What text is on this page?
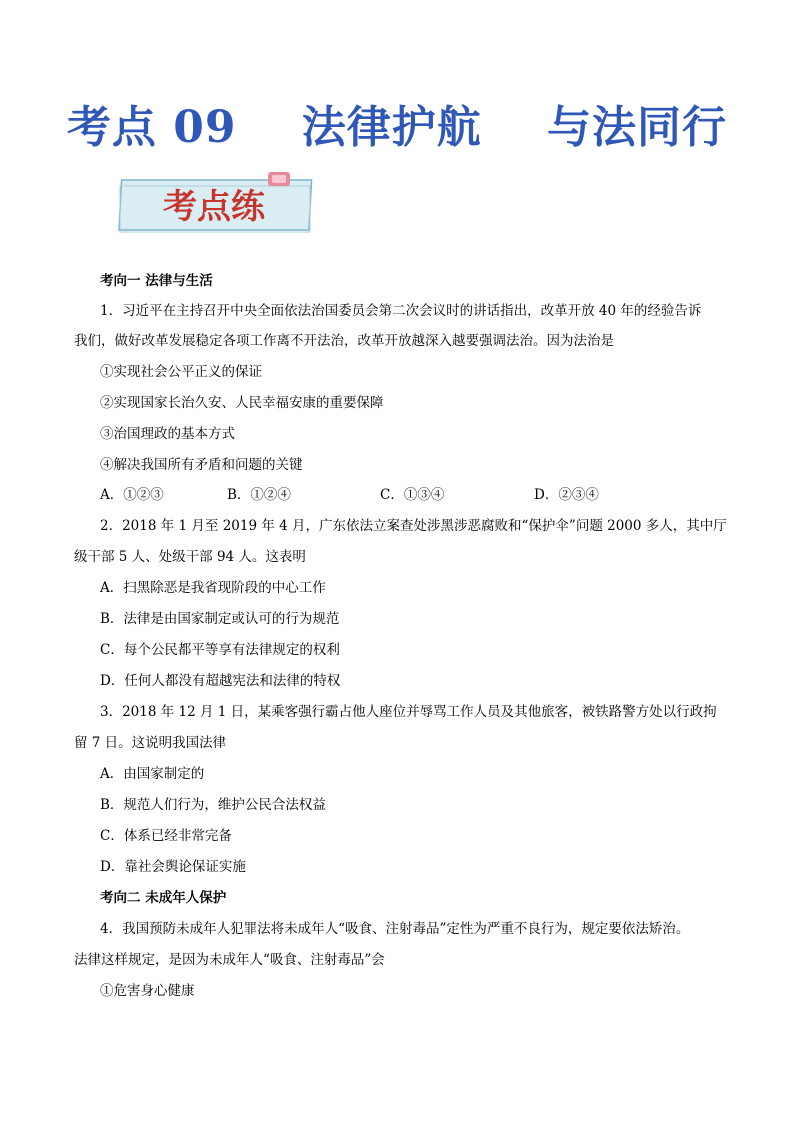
考点 09    法律护航    与法同行
考点练
考向一 法律与生活
1．习近平在主持召开中央全面依法治国委员会第二次会议时的讲话指出，改革开放 40 年的经验告诉
我们，做好改革发展稳定各项工作离不开法治，改革开放越深入越要强调法治。因为法治是
①实现社会公平正义的保证
②实现国家长治久安、人民幸福安康的重要保障
③治国理政的基本方式
④解决我国所有矛盾和问题的关键
A．①②③	B．①②④	C．①③④	D．②③④
2．2018 年 1 月至 2019 年 4 月，广东依法立案查处涉黑涉恶腐败和“保护伞”问题 2000 多人，其中厅
级干部 5 人、处级干部 94 人。这表明
A．扫黑除恶是我省现阶段的中心工作
B．法律是由国家制定或认可的行为规范
C．每个公民都平等享有法律规定的权利
D．任何人都没有超越宪法和法律的特权
3．2018 年 12 月 1 日，某乘客强行霸占他人座位并辱骂工作人员及其他旅客，被铁路警方处以行政拘
留 7 日。这说明我国法律
A．由国家制定的
B．规范人们行为，维护公民合法权益
C．体系已经非常完备
D．靠社会舆论保证实施
考向二 未成年人保护
4．我国预防未成年人犯罪法将未成年人“吸食、注射毒品”定性为严重不良行为，规定要依法矫治。
法律这样规定，是因为未成年人“吸食、注射毒品”会
①危害身心健康
